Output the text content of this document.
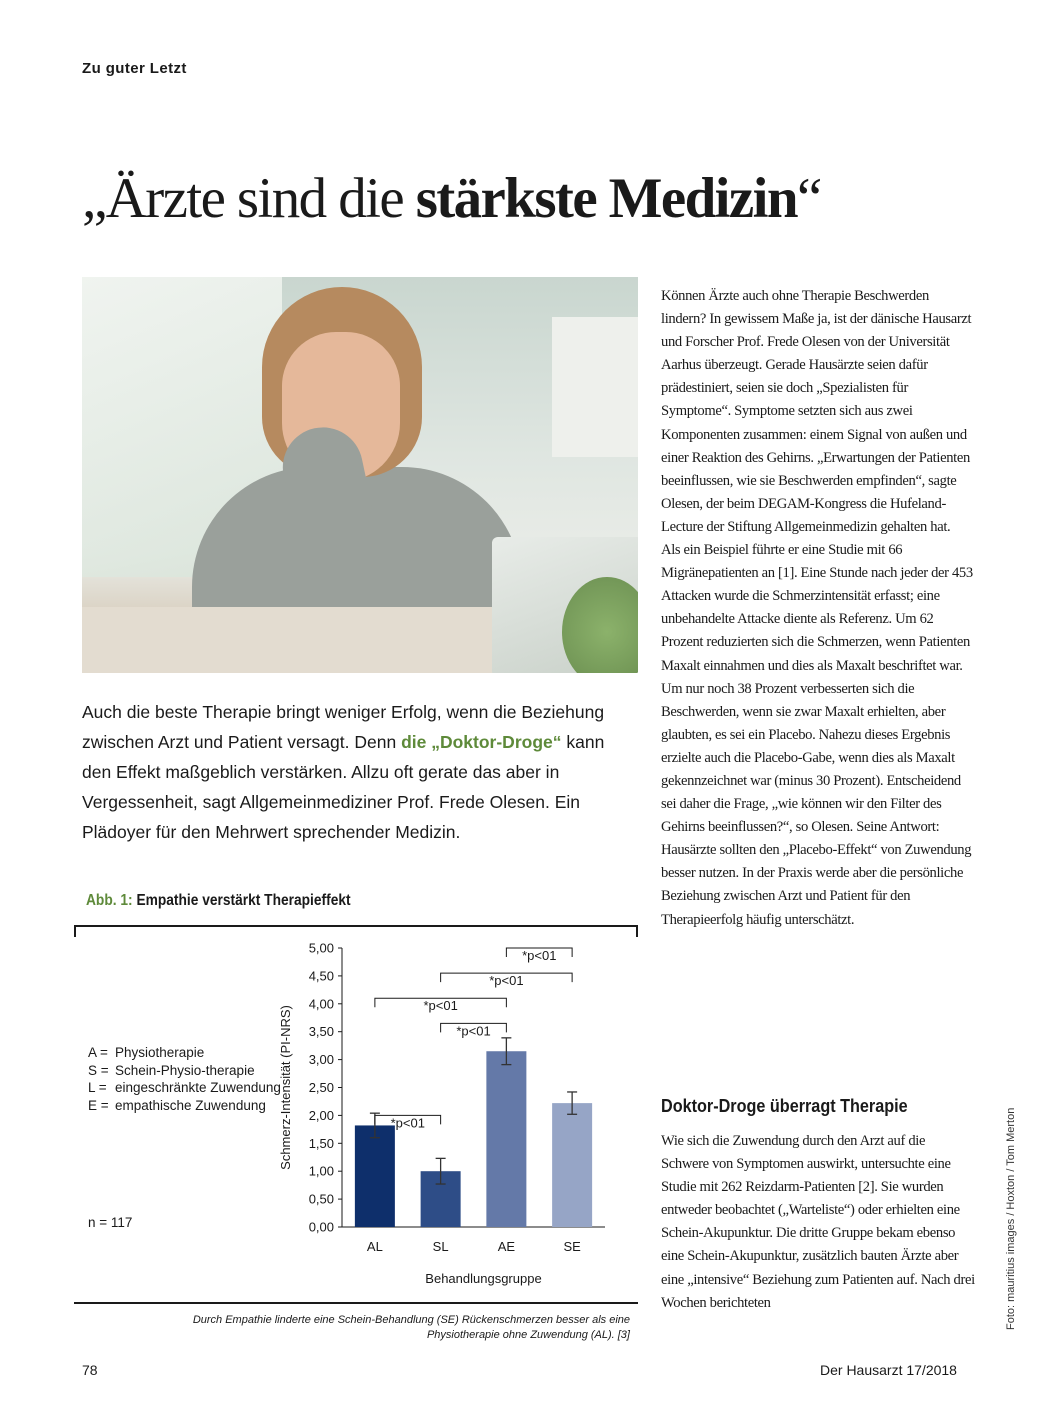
Zu guter Letzt
„Ärzte sind die stärkste Medizin“

Auch die beste Therapie bringt weniger Erfolg, wenn die Beziehung zwischen Arzt und Patient versagt. Denn die „Doktor-Droge“ kann den Effekt maßgeblich verstärken. Allzu oft gerate das aber in Vergessenheit, sagt Allgemeinmediziner Prof. Frede Olesen. Ein Plädoyer für den Mehrwert sprechender Medizin.

Abb. 1: Empathie verstärkt Therapieffekt
A = Physiotherapie
S = Schein-Physio-therapie
L = eingeschränkte Zuwendung
E = empathische Zuwendung
n = 117	0,00
0,50
1,00
1,50
2,00
2,50
3,00
3,50
4,00
4,50
5,00
Schmerz-Intensität (PI-NRS)
Behandlungsgruppe
AL	SL	AE	SE
*p<01
*p<01
*p<01
*p<01
*p<01
Durch Empathie linderte eine Schein-Behandlung (SE) Rückenschmerzen besser als eine Physiotherapie ohne Zuwendung (AL). [3]

Können Ärzte auch ohne Therapie Beschwerden lindern? In gewissem Maße ja, ist der dänische Hausarzt und Forscher Prof. Frede Olesen von der Universität Aarhus überzeugt. Gerade Hausärzte seien dafür prädestiniert, seien sie doch „Spezialisten für Symptome“. Symptome setzten sich aus zwei Komponenten zusammen: einem Signal von außen und einer Reaktion des Gehirns. „Erwartungen der Patienten beeinflussen, wie sie Beschwerden empfinden“, sagte Olesen, der beim DEGAM-Kongress die Hufeland-Lecture der Stiftung Allgemeinmedizin gehalten hat.

Als ein Beispiel führte er eine Studie mit 66 Migränepatienten an [1]. Eine Stunde nach jeder der 453 Attacken wurde die Schmerzintensität erfasst; eine unbehandelte Attacke diente als Referenz. Um 62 Prozent reduzierten sich die Schmerzen, wenn Patienten Maxalt einnahmen und dies als Maxalt beschriftet war. Um nur noch 38 Prozent verbesserten sich die Beschwerden, wenn sie zwar Maxalt erhielten, aber glaubten, es sei ein Placebo. Nahezu dieses Ergebnis erzielte auch die Placebo-Gabe, wenn dies als Maxalt gekennzeichnet war (minus 30 Prozent). Entscheidend sei daher die Frage, „wie können wir den Filter des Gehirns beeinflussen?“, so Olesen. Seine Antwort: Hausärzte sollten den „Placebo-Effekt“ von Zuwendung besser nutzen. In der Praxis werde aber die persönliche Beziehung zwischen Arzt und Patient für den Therapieerfolg häufig unterschätzt.

Doktor-Droge überragt Therapie

Wie sich die Zuwendung durch den Arzt auf die Schwere von Symptomen auswirkt, untersuchte eine Studie mit 262 Reizdarm-Patienten [2]. Sie wurden entweder beobachtet („Warteliste“) oder erhielten eine Schein-Akupunktur. Die dritte Gruppe bekam ebenso eine Schein-Akupunktur, zusätzlich bauten Ärzte aber eine „intensive“ Beziehung zum Patienten auf. Nach drei Wochen berichteten	Foto: mauritius images / Hoxton / Tom Merton
78	Der Hausarzt 17/2018
